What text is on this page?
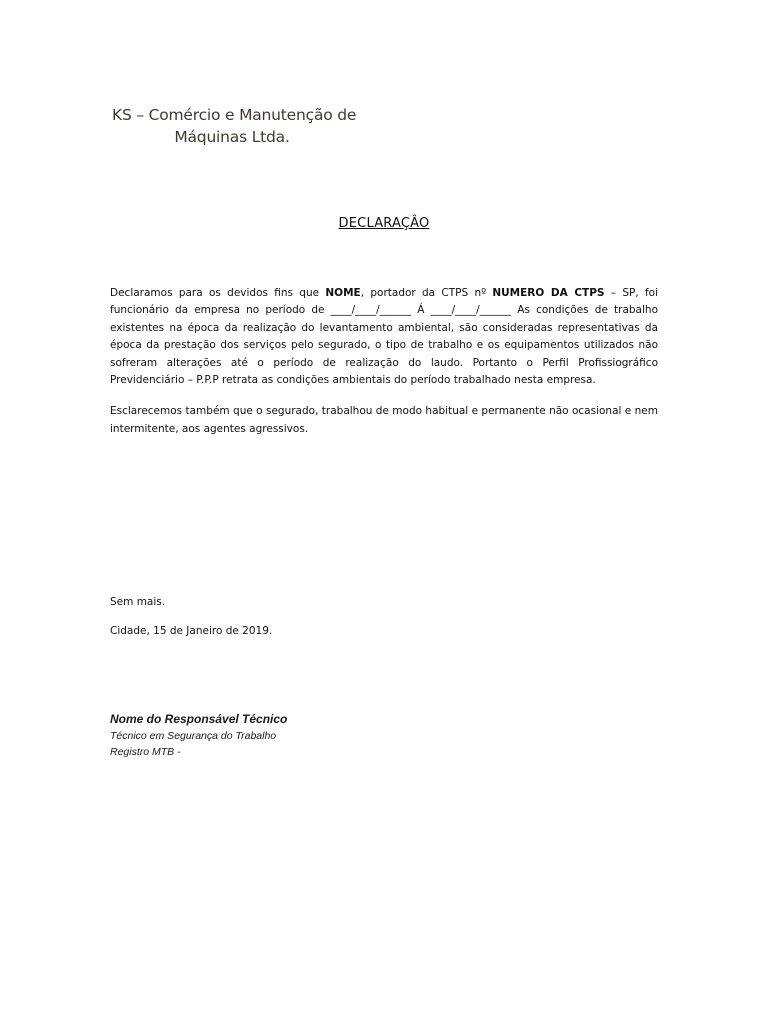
KS – Comércio e Manutenção de
Máquinas Ltda.
DECLARAÇÂO

Declaramos para os devidos fins que NOME, portador da CTPS nº NUMERO DA CTPS – SP, foi funcionário da empresa no período de ____/____/______ Á ____/____/______ As condições de trabalho existentes na época da realização do levantamento ambiental, são consideradas representativas da época da prestação dos serviços pelo segurado, o tipo de trabalho e os equipamentos utilizados não sofreram alterações até o período de realização do laudo. Portanto o Perfil Profissiográfico Previdenciário – P.P.P retrata as condições ambientais do período trabalhado nesta empresa.

Esclarecemos também que o segurado, trabalhou de modo habitual e permanente não ocasional e nem intermitente, aos agentes agressivos.

Sem mais.
Cidade, 15 de Janeiro de 2019.
Nome do Responsável Técnico
Técnico em Segurança do Trabalho
Registro MTB -
